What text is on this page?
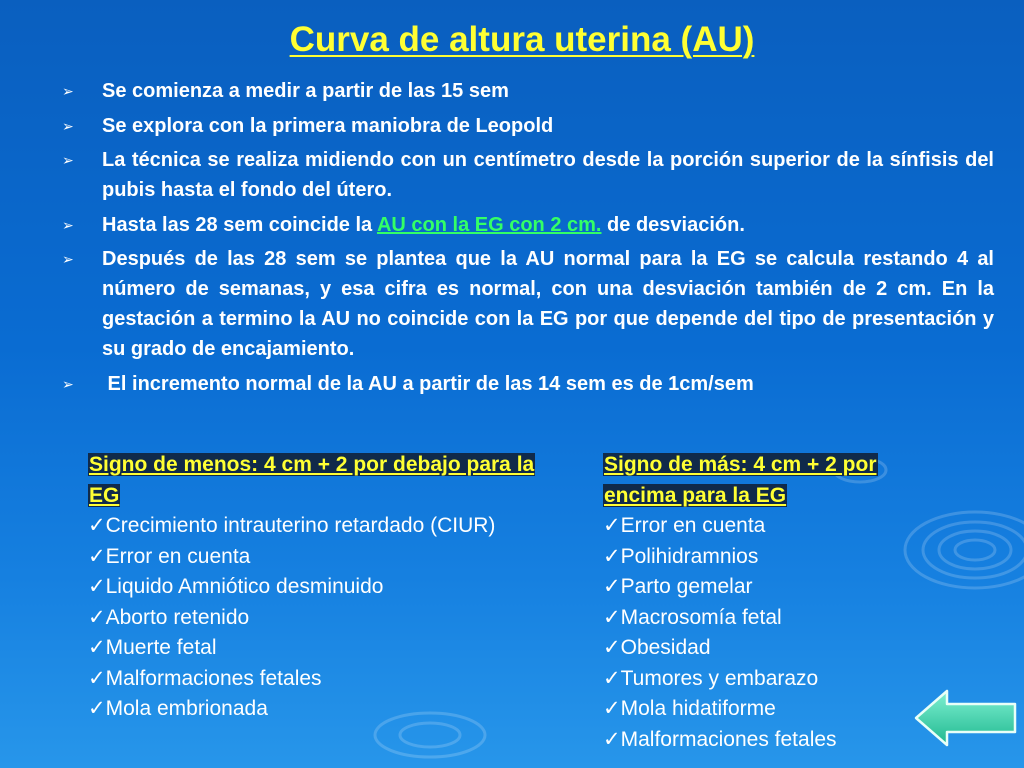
Curva de altura uterina (AU)
➢ Se comienza a medir a partir de las 15 sem
➢ Se explora con la primera maniobra de Leopold
➢ La técnica se realiza midiendo con un centímetro desde la porción superior de la sínfisis del pubis hasta el fondo del útero.
➢ Hasta las 28 sem coincide la AU con la EG con 2 cm. de desviación.
➢ Después de las 28 sem se plantea que la AU normal para la EG se calcula restando 4 al número de semanas, y esa cifra es normal, con una desviación también de 2 cm. En la gestación a termino la AU no coincide con la EG por que depende del tipo de presentación y su grado de encajamiento.
➢ El incremento normal de la AU a partir de las 14 sem es de 1cm/sem
Signo de menos: 4 cm + 2 por debajo para la EG
✓Crecimiento intrauterino retardado (CIUR)
✓Error en cuenta
✓Liquido Amniótico desminuido
✓Aborto retenido
✓Muerte fetal
✓Malformaciones fetales
✓Mola embrionada
Signo de más: 4 cm + 2 por encima para la EG
✓Error en cuenta
✓Polihidramnios
✓Parto gemelar
✓Macrosomía fetal
✓Obesidad
✓Tumores y embarazo
✓Mola hidatiforme
✓Malformaciones fetales
